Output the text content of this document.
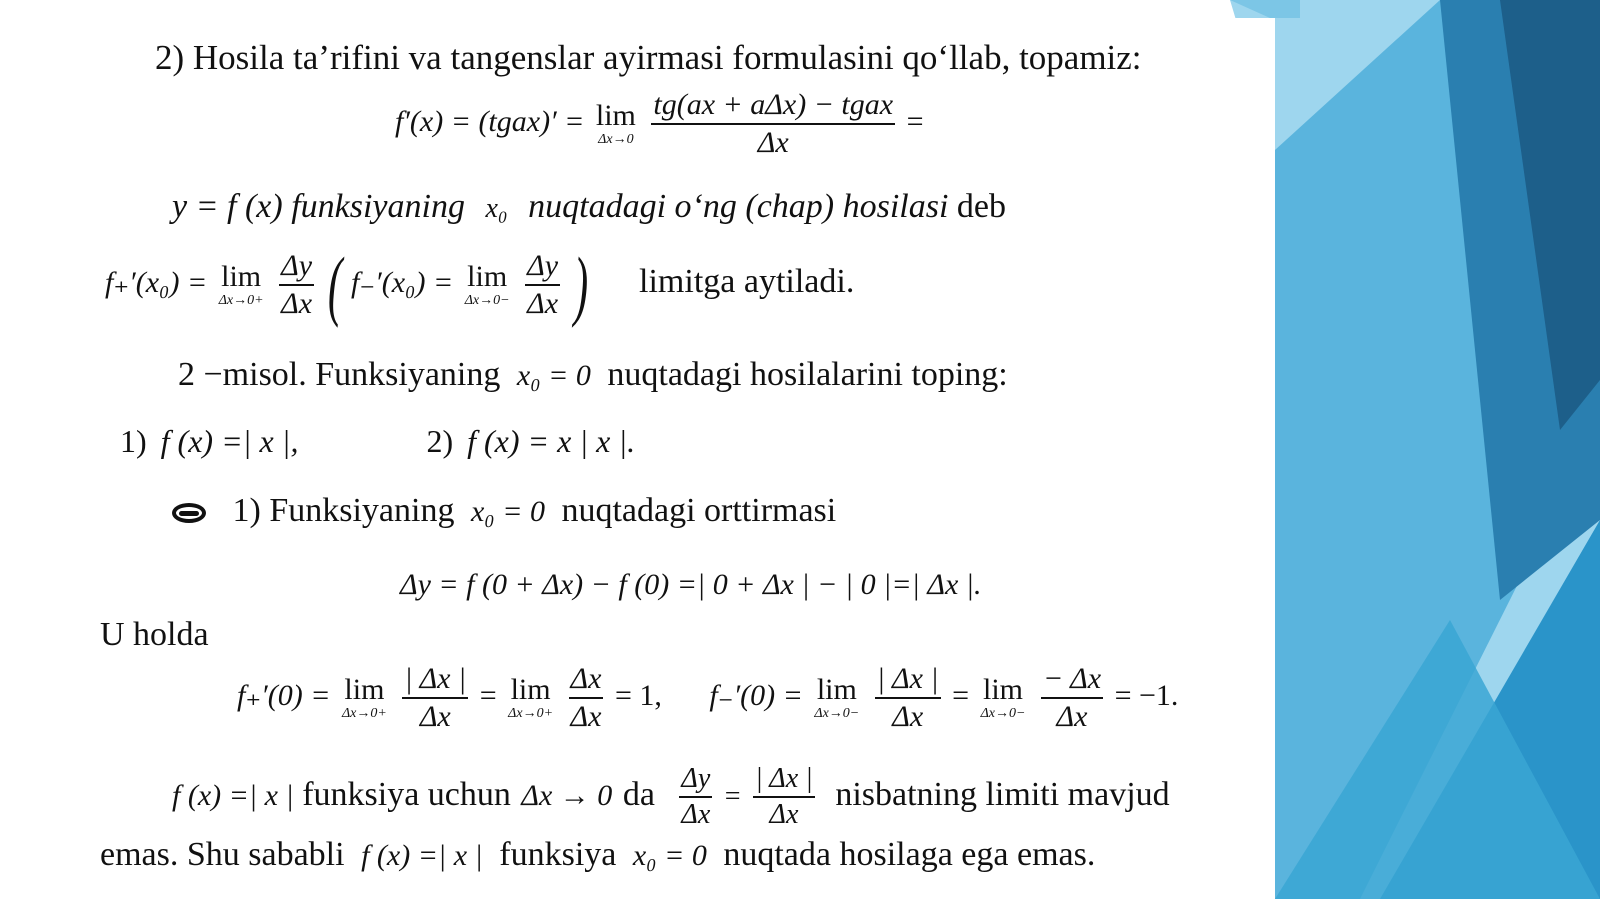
2) Hosila ta’rifini va tangenslar ayirmasi formulasini qo‘llab, topamiz:
f′(x) = (tgax)′ = lim
Δx→0
$\frac{\text{tg(ax + aΔx) − tgax}}{\Delta x}$ =
y = f (x) funksiyaning x₀ nuqtadagi o‘ng (chap) hosilasi deb
f₊′(x₀) = lim
Δx→0+
$\frac{\Delta y}{\Delta x}$ ( f₋′(x₀) = lim
Δx→0−
$\frac{\Delta y}{\Delta x}$ ) limitga aytiladi.
2 −misol. Funksiyaning x₀ = 0 nuqtadagi hosilalarini toping:
1) f (x) =| x |,	2) f (x) = x | x |.
1) Funksiyaning x₀ = 0 nuqtadagi orttirmasi
Δy = f (0 + Δx) − f (0) =| 0 + Δx | − | 0 |=| Δx |.
U holda
f₊′(0) = lim
Δx→0+
$\frac{| \Delta x |}{\Delta x} = \lim$
Δx→0+
$\frac{\Delta x}{\Delta x} = 1$, f₋′(0) = lim
Δx→0−
$\frac{| \Delta x |}{\Delta x} = \lim$
Δx→0−
$\frac{- \Delta x}{\Delta x} = -1$.
f (x) =| x | funksiya uchun Δx → 0 da $\frac{\Delta y}{\Delta x} = \frac{| \Delta x |}{\Delta x}$ nisbatning limiti mavjud
emas. Shu sababli f (x) =| x | funksiya x₀ = 0 nuqtada hosilaga ega emas.
